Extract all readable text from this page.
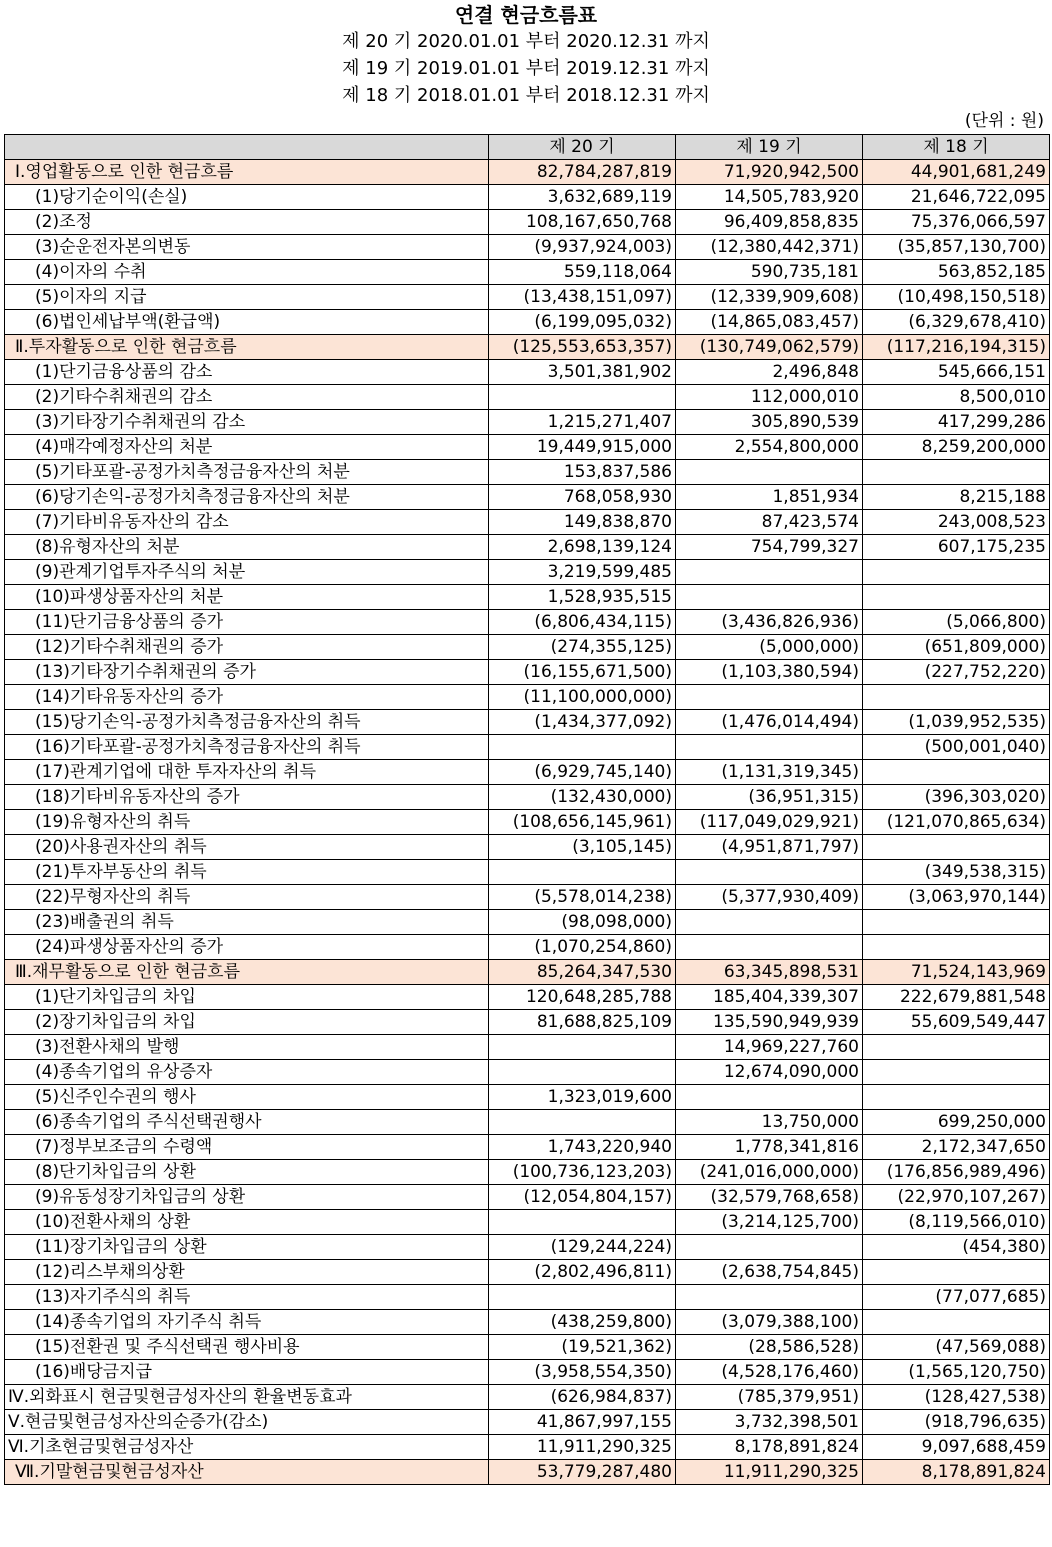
연결 현금흐름표
제 20 기 2020.01.01 부터 2020.12.31 까지
제 19 기 2019.01.01 부터 2019.12.31 까지
제 18 기 2018.01.01 부터 2018.12.31 까지
(단위 : 원)
	제 20 기	제 19 기	제 18 기
Ⅰ.영업활동으로 인한 현금흐름	82,784,287,819	71,920,942,500	44,901,681,249
(1)당기순이익(손실)	3,632,689,119	14,505,783,920	21,646,722,095
(2)조정	108,167,650,768	96,409,858,835	75,376,066,597
(3)순운전자본의변동	(9,937,924,003)	(12,380,442,371)	(35,857,130,700)
(4)이자의 수취	559,118,064	590,735,181	563,852,185
(5)이자의 지급	(13,438,151,097)	(12,339,909,608)	(10,498,150,518)
(6)법인세납부액(환급액)	(6,199,095,032)	(14,865,083,457)	(6,329,678,410)
Ⅱ.투자활동으로 인한 현금흐름	(125,553,653,357)	(130,749,062,579)	(117,216,194,315)
(1)단기금융상품의 감소	3,501,381,902	2,496,848	545,666,151
(2)기타수취채권의 감소		112,000,010	8,500,010
(3)기타장기수취채권의 감소	1,215,271,407	305,890,539	417,299,286
(4)매각예정자산의 처분	19,449,915,000	2,554,800,000	8,259,200,000
(5)기타포괄-공정가치측정금융자산의 처분	153,837,586		
(6)당기손익-공정가치측정금융자산의 처분	768,058,930	1,851,934	8,215,188
(7)기타비유동자산의 감소	149,838,870	87,423,574	243,008,523
(8)유형자산의 처분	2,698,139,124	754,799,327	607,175,235
(9)관계기업투자주식의 처분	3,219,599,485		
(10)파생상품자산의 처분	1,528,935,515		
(11)단기금융상품의 증가	(6,806,434,115)	(3,436,826,936)	(5,066,800)
(12)기타수취채권의 증가	(274,355,125)	(5,000,000)	(651,809,000)
(13)기타장기수취채권의 증가	(16,155,671,500)	(1,103,380,594)	(227,752,220)
(14)기타유동자산의 증가	(11,100,000,000)		
(15)당기손익-공정가치측정금융자산의 취득	(1,434,377,092)	(1,476,014,494)	(1,039,952,535)
(16)기타포괄-공정가치측정금융자산의 취득			(500,001,040)
(17)관계기업에 대한 투자자산의 취득	(6,929,745,140)	(1,131,319,345)	
(18)기타비유동자산의 증가	(132,430,000)	(36,951,315)	(396,303,020)
(19)유형자산의 취득	(108,656,145,961)	(117,049,029,921)	(121,070,865,634)
(20)사용권자산의 취득	(3,105,145)	(4,951,871,797)	
(21)투자부동산의 취득			(349,538,315)
(22)무형자산의 취득	(5,578,014,238)	(5,377,930,409)	(3,063,970,144)
(23)배출권의 취득	(98,098,000)		
(24)파생상품자산의 증가	(1,070,254,860)		
Ⅲ.재무활동으로 인한 현금흐름	85,264,347,530	63,345,898,531	71,524,143,969
(1)단기차입금의 차입	120,648,285,788	185,404,339,307	222,679,881,548
(2)장기차입금의 차입	81,688,825,109	135,590,949,939	55,609,549,447
(3)전환사채의 발행		14,969,227,760	
(4)종속기업의 유상증자		12,674,090,000	
(5)신주인수권의 행사	1,323,019,600		
(6)종속기업의 주식선택권행사		13,750,000	699,250,000
(7)정부보조금의 수령액	1,743,220,940	1,778,341,816	2,172,347,650
(8)단기차입금의 상환	(100,736,123,203)	(241,016,000,000)	(176,856,989,496)
(9)유동성장기차입금의 상환	(12,054,804,157)	(32,579,768,658)	(22,970,107,267)
(10)전환사채의 상환		(3,214,125,700)	(8,119,566,010)
(11)장기차입금의 상환	(129,244,224)		(454,380)
(12)리스부채의상환	(2,802,496,811)	(2,638,754,845)	
(13)자기주식의 취득			(77,077,685)
(14)종속기업의 자기주식 취득	(438,259,800)	(3,079,388,100)	
(15)전환권 및 주식선택권 행사비용	(19,521,362)	(28,586,528)	(47,569,088)
(16)배당금지급	(3,958,554,350)	(4,528,176,460)	(1,565,120,750)
Ⅳ.외화표시 현금및현금성자산의 환율변동효과	(626,984,837)	(785,379,951)	(128,427,538)
Ⅴ.현금및현금성자산의순증가(감소)	41,867,997,155	3,732,398,501	(918,796,635)
Ⅵ.기초현금및현금성자산	11,911,290,325	8,178,891,824	9,097,688,459
Ⅶ.기말현금및현금성자산	53,779,287,480	11,911,290,325	8,178,891,824
